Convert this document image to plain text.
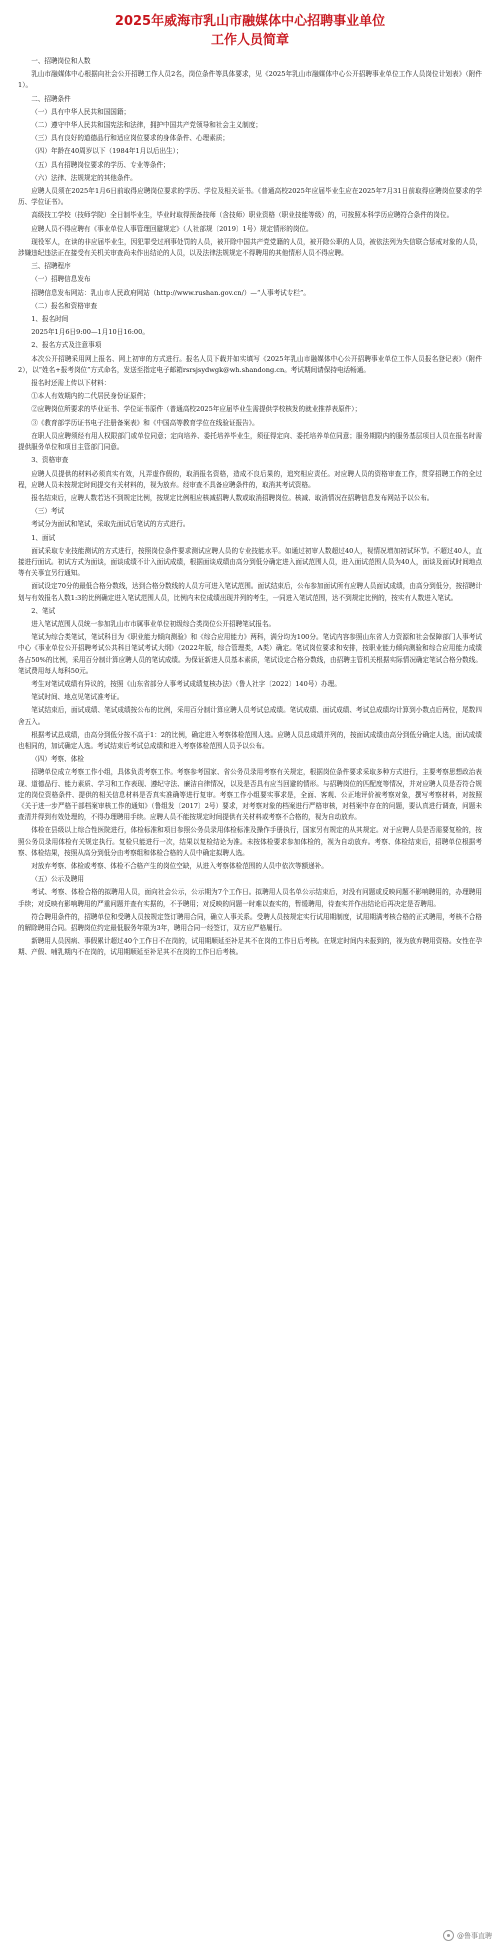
2025年威海市乳山市融媒体中心招聘事业单位
工作人员简章

一、招聘岗位和人数

乳山市融媒体中心根据向社会公开招聘工作人员2名，岗位条件等具体要求，见《2025年乳山市融媒体中心公开招聘事业单位工作人员岗位计划表》（附件1）。

二、招聘条件

（一）具有中华人民共和国国籍；

（二）遵守中华人民共和国宪法和法律，拥护中国共产党领导和社会主义制度；

（三）具有良好的道德品行和适应岗位要求的身体条件、心理素质；

（四）年龄在40周岁以下（1984年1月以后出生）；

（五）具有招聘岗位要求的学历、专业等条件；

（六）法律、法规规定的其他条件。

应聘人员须在2025年1月6日前取得应聘岗位要求的学历、学位及相关证书。《普通高校2025年应届毕业生应在2025年7月31日前取得应聘岗位要求的学历、学位证书》。

高级技工学校（技师学院）全日制毕业生，毕业时取得预备技师（含技师）职业资格（职业技能等级）的，可按照本科学历应聘符合条件的岗位。

应聘人员不得应聘有《事业单位人事管理回避规定》（人社部规〔2019〕1号）规定情形的岗位。

现役军人，在读的非应届毕业生，因犯罪受过刑事处罚的人员，被开除中国共产党党籍的人员，被开除公职的人员，被依法列为失信联合惩戒对象的人员，涉嫌违纪违法正在接受有关机关审查尚未作出结论的人员，以及法律法规规定不得聘用的其他情形人员不得应聘。

三、招聘程序

（一）招聘信息发布

招聘信息发布网站：乳山市人民政府网站（http://www.rushan.gov.cn/）—“人事考试专栏”。

（二）报名和资格审查

1、报名时间

2025年1月6日9:00—1月10日16:00。

2、报名方式及注意事项

本次公开招聘采用网上报名、网上初审的方式进行。报名人员下载并如实填写《2025年乳山市融媒体中心公开招聘事业单位工作人员报名登记表》（附件2），以“姓名+报考岗位”方式命名，发送至指定电子邮箱rsrsjsydwgk@wh.shandong.cn。考试期间请保持电话畅通。

报名时还需上传以下材料：

①本人有效期内的二代居民身份证原件；

②应聘岗位所要求的毕业证书、学位证书原件（普通高校2025年应届毕业生需提供学校核发的就业推荐表原件）；

③《教育部学历证书电子注册备案表》和《中国高等教育学位在线验证报告》。

在职人员应聘须经有用人权限部门或单位同意；定向培养、委托培养毕业生，须征得定向、委托培养单位同意；服务期限内的服务基层项目人员在报名时需提供服务单位和项目主管部门同意。

3、资格审查

应聘人员提供的材料必须真实有效，凡弄虚作假的，取消报名资格，造成不良后果的，追究相应责任。对应聘人员的资格审查工作，贯穿招聘工作的全过程，应聘人员未按规定时间提交有关材料的，视为放弃。经审查不具备应聘条件的，取消其考试资格。

报名结束后，应聘人数若达不到规定比例，按规定比例相应核减招聘人数或取消招聘岗位。核减、取消情况在招聘信息发布网站予以公布。

（三）考试

考试分为面试和笔试，采取先面试后笔试的方式进行。

1、面试

面试采取专业技能测试的方式进行，按照岗位条件要求测试应聘人员的专业技能水平。如通过初审人数超过40人，视情况增加初试环节。不超过40人，直接进行面试。初试方式为面谈，面谈成绩不计入面试成绩，根据面谈成绩由高分到低分确定进入面试范围人员，进入面试范围人员为40人，面谈及面试时间地点等有关事宜另行通知。

面试设定70分的最低合格分数线，达到合格分数线的人员方可进入笔试范围。面试结束后，公布参加面试所有应聘人员面试成绩，由高分到低分，按招聘计划与有效报名人数1:3的比例确定进入笔试范围人员，比例内末位成绩出现并列的考生，一同进入笔试范围，达不到规定比例的，按实有人数进入笔试。

2、笔试

进入笔试范围人员统一参加乳山市市属事业单位初级综合类岗位公开招聘笔试报名。

笔试为综合类笔试，笔试科目为《职业能力倾向测验》和《综合应用能力》两科，满分均为100分。笔试内容参照山东省人力资源和社会保障部门人事考试中心《事业单位公开招聘考试公共科目笔试考试大纲》（2022年版，综合管理类，A类）确定。笔试岗位要求和安排，按职业能力倾向测验和综合应用能力成绩各占50%的比例，采用百分制计算应聘人员的笔试成绩。为保证新进人员基本素质，笔试设定合格分数线，由招聘主管机关根据实际情况确定笔试合格分数线。笔试费用每人每科50元。

考生对笔试成绩有异议的，按照《山东省部分人事考试成绩复核办法》（鲁人社字〔2022〕140号）办理。

笔试时间、地点见笔试准考证。

笔试结束后，面试成绩、笔试成绩按公布的比例，采用百分制计算应聘人员考试总成绩。笔试成绩、面试成绩、考试总成绩均计算到小数点后两位，尾数四舍五入。

根据考试总成绩，由高分到低分按不高于1：2的比例，确定进入考察体检范围人选。应聘人员总成绩并列的，按面试成绩由高分到低分确定人选，面试成绩也相同的，加试确定人选。考试结束后考试总成绩和进入考察体检范围人员予以公布。

（四）考察、体检

招聘单位成立考察工作小组，具体负责考察工作。考察参考国家、省公务员录用考察有关规定，根据岗位条件要求采取多种方式进行，主要考察思想政治表现、道德品行、能力素质、学习和工作表现、遵纪守法、廉洁自律情况，以及是否具有应当回避的情形。与招聘岗位的匹配度等情况，并对应聘人员是否符合规定的岗位资格条件、提供的相关信息材料是否真实准确等进行复审。考察工作小组要实事求是，全面、客观、公正地评价被考察对象，撰写考察材料，对按照《关于进一步严格干部档案审核工作的通知》（鲁组发〔2017〕2号）要求，对考察对象的档案进行严格审核，对档案中存在的问题，要认真进行调查，问题未查清并得到有效处理的，不得办理聘用手续。应聘人员不能按规定时间提供有关材料或考察不合格的，视为自动放弃。

体检在县级以上综合性医院进行，体检标准和项目参照公务员录用体检标准及操作手册执行，国家另有规定的从其规定。对于应聘人员是否需要复检的，按照公务员录用体检有关规定执行。复检只能进行一次，结果以复检结论为准。未按体检要求参加体检的，视为自动放弃。考察、体检结束后，招聘单位根据考察、体检结果，按照从高分到低分由考察组和体检合格的人员中确定拟聘人选。

对放弃考察、体检或考察、体检不合格产生的岗位空缺，从进入考察体检范围的人员中依次等额递补。

（五）公示及聘用

考试、考察、体检合格的拟聘用人员，面向社会公示，公示期为7个工作日。拟聘用人员名单公示结束后，对没有问题或反映问题不影响聘用的，办理聘用手续；对反映有影响聘用的严重问题并查有实据的，不予聘用；对反映的问题一时难以查实的，暂缓聘用，待查实并作出结论后再决定是否聘用。

符合聘用条件的，招聘单位和受聘人员按规定签订聘用合同，确立人事关系。受聘人员按规定实行试用期制度，试用期满考核合格的正式聘用，考核不合格的解除聘用合同。招聘岗位约定最低服务年限为3年，聘用合同一经签订，双方应严格履行。

新聘用人员因病、事假累计超过40个工作日不在岗的，试用期顺延至补足其不在岗的工作日后考核。在规定时间内未报到的，视为放弃聘用资格。女性在孕期、产假、哺乳期内不在岗的，试用期顺延至补足其不在岗的工作日后考核。

@鲁事直聘
